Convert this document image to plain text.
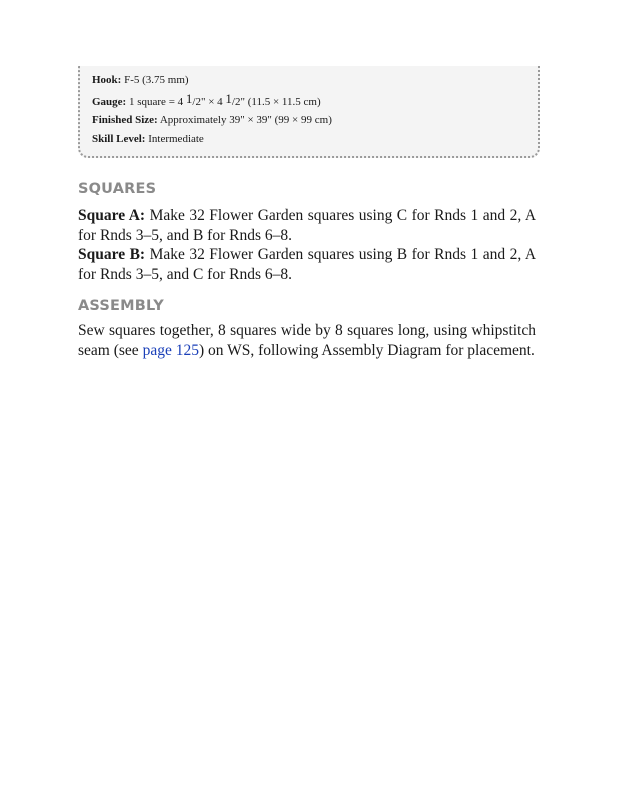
Hook: F-5 (3.75 mm)
Gauge: 1 square = 4 1/2" × 4 1/2" (11.5 × 11.5 cm)
Finished Size: Approximately 39" × 39" (99 × 99 cm)
Skill Level: Intermediate
SQUARES
Square A: Make 32 Flower Garden squares using C for Rnds 1 and 2, A for Rnds 3–5, and B for Rnds 6–8.
Square B: Make 32 Flower Garden squares using B for Rnds 1 and 2, A for Rnds 3–5, and C for Rnds 6–8.
ASSEMBLY
Sew squares together, 8 squares wide by 8 squares long, using whipstitch seam (see page 125) on WS, following Assembly Diagram for placement.
